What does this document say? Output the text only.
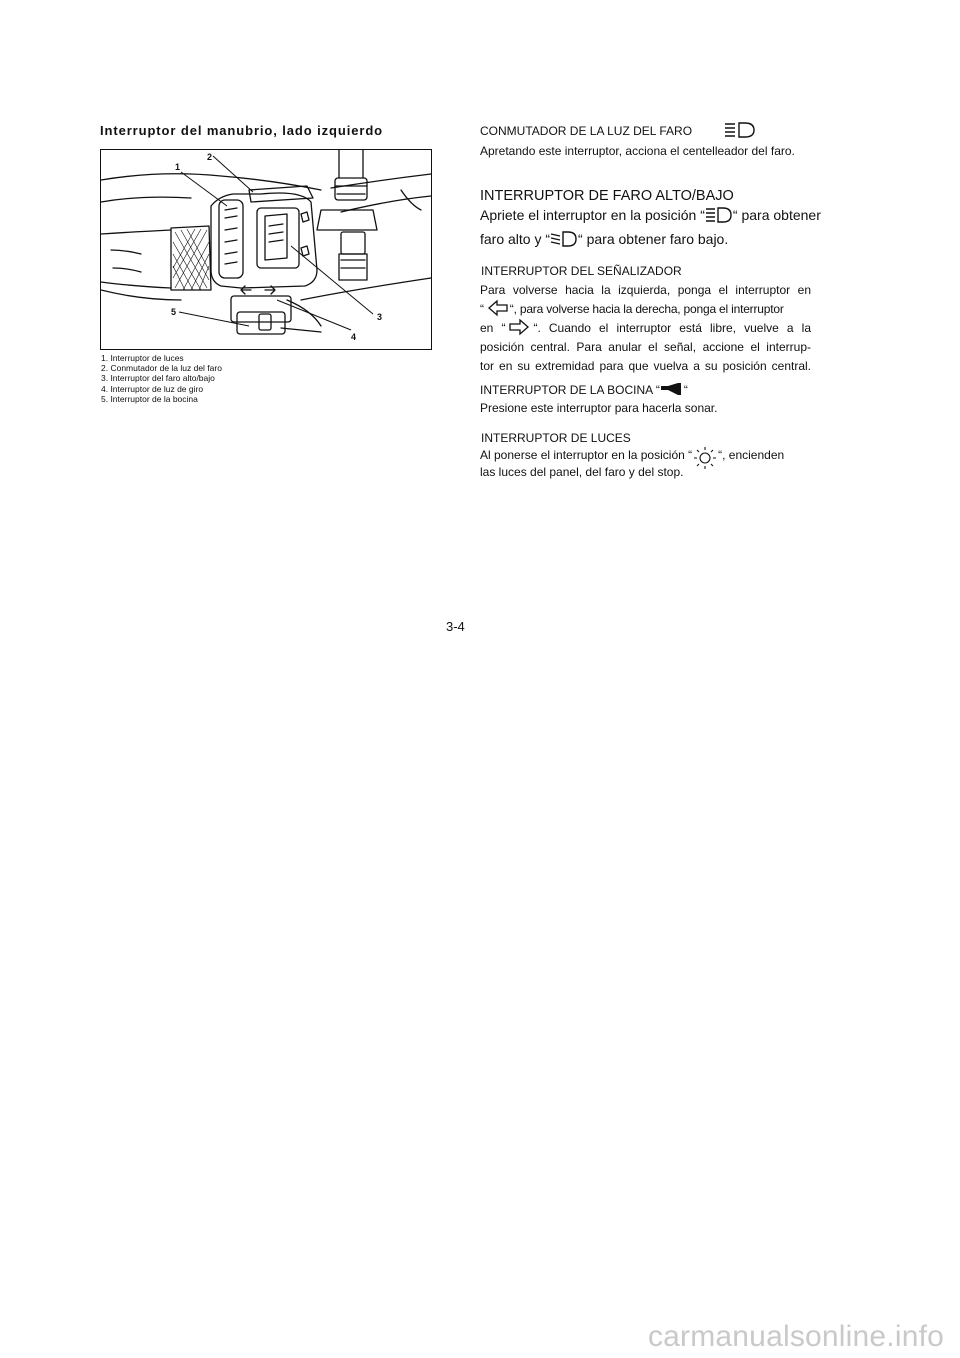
Interruptor del manubrio, lado izquierdo
1
2
3
4
5
1. Interruptor de luces
2. Conmutador de la luz del faro
3. Interruptor del faro alto/bajo
4. Interruptor de luz de giro
5. Interruptor de la bocina
CONMUTADOR DE LA LUZ DEL FARO
Apretando este interruptor, acciona el centelleador del faro.
INTERRUPTOR DE FARO ALTO/BAJO
Apriete el interruptor en la posición “ “ para obtener
faro alto y “ “ para obtener faro bajo.
INTERRUPTOR DEL SEÑALIZADOR
Para volverse hacia la izquierda, ponga el interruptor en
“ “, para volverse hacia la derecha, ponga el interruptor
en “ “. Cuando el interruptor está libre, vuelve a la
posición central. Para anular el señal, accione el interrup-
tor en su extremidad para que vuelva a su posición central.
INTERRUPTOR DE LA BOCINA “ “
Presione este interruptor para hacerla sonar.
INTERRUPTOR DE LUCES
Al ponerse el interruptor en la posición “ “, encienden
las luces del panel, del faro y del stop.
3-4
carmanualsonline.info
